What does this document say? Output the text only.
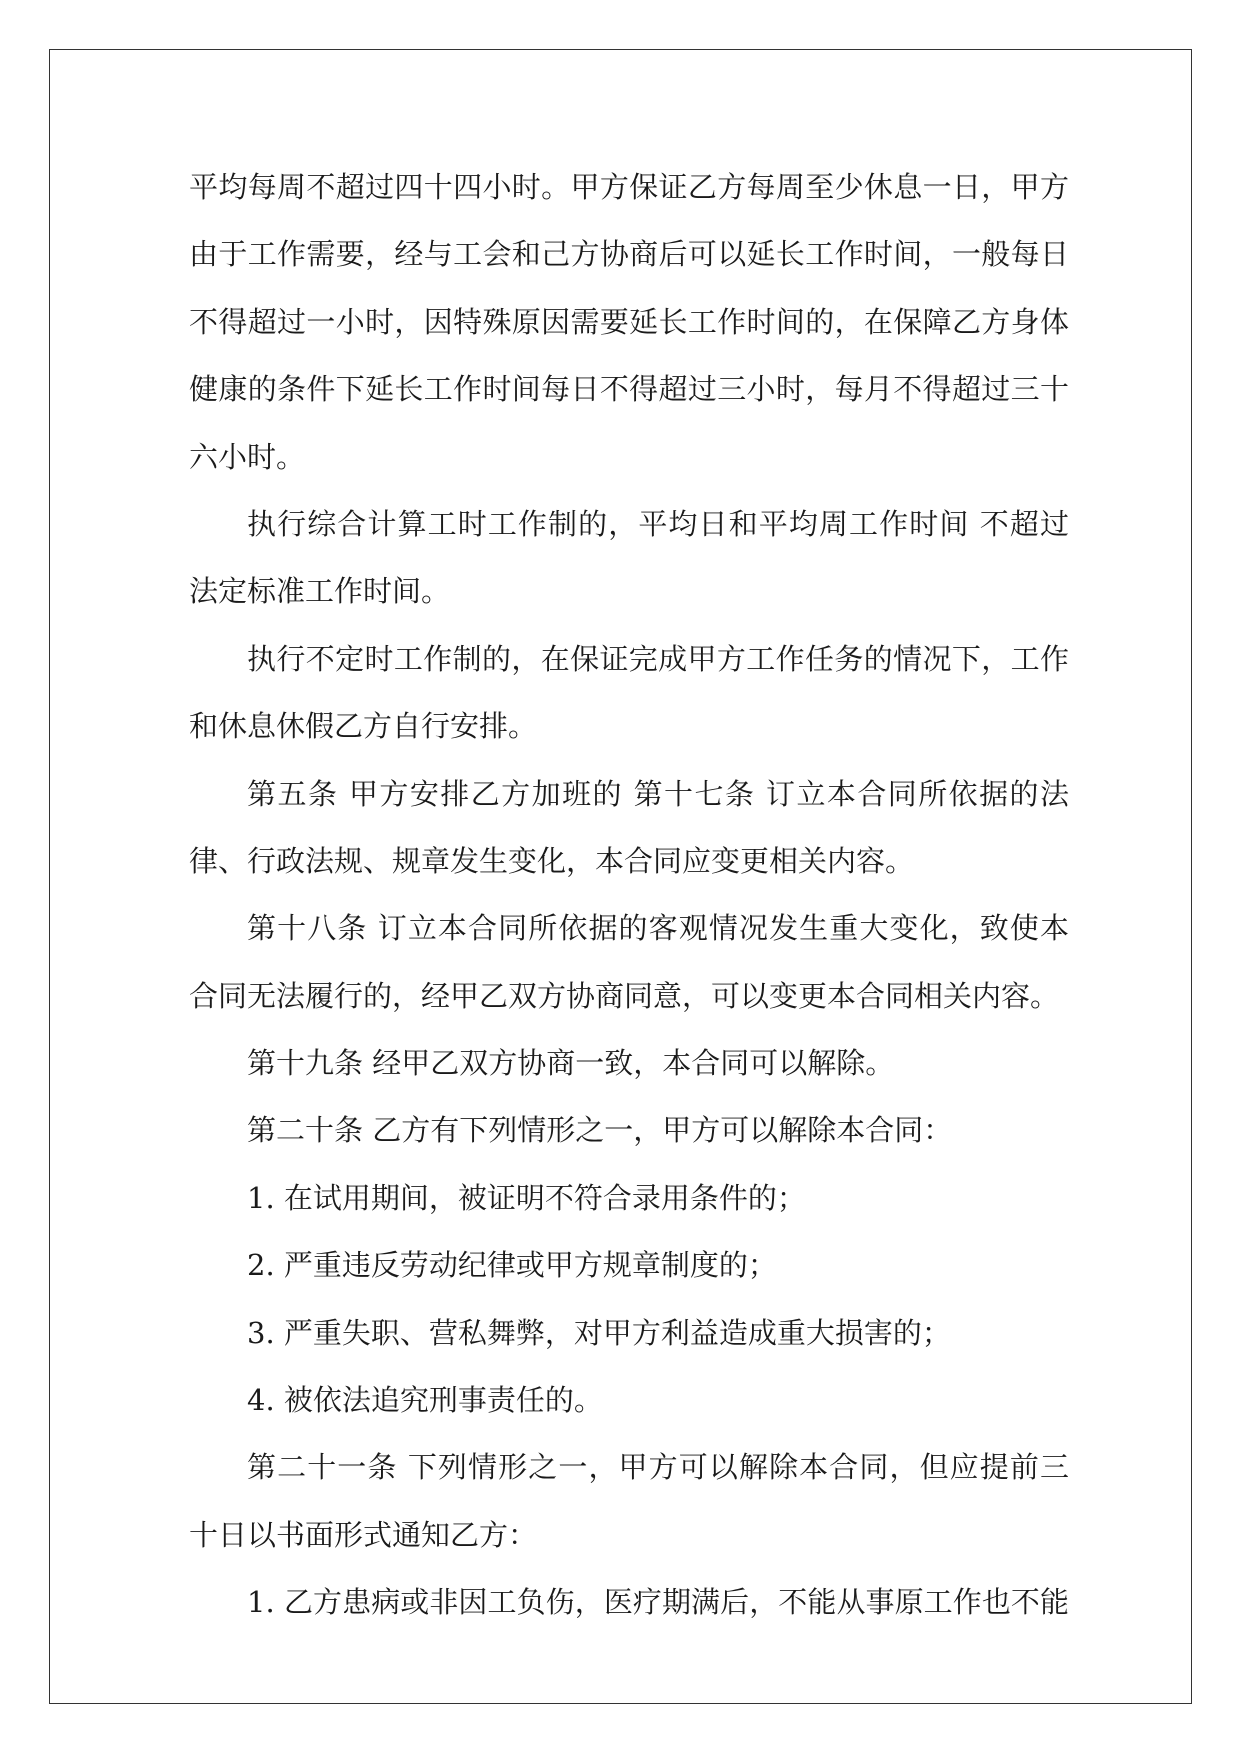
平均每周不超过四十四小时。甲方保证乙方每周至少休息一日，甲方
由于工作需要，经与工会和己方协商后可以延长工作时间，一般每日
不得超过一小时，因特殊原因需要延长工作时间的，在保障乙方身体
健康的条件下延长工作时间每日不得超过三小时，每月不得超过三十
六小时。
执行综合计算工时工作制的，平均日和平均周工作时间 不超过
法定标准工作时间。
执行不定时工作制的，在保证完成甲方工作任务的情况下，工作
和休息休假乙方自行安排。
第五条 甲方安排乙方加班的 第十七条 订立本合同所依据的法
律、行政法规、规章发生变化，本合同应变更相关内容。
第十八条 订立本合同所依据的客观情况发生重大变化，致使本
合同无法履行的，经甲乙双方协商同意，可以变更本合同相关内容。
第十九条 经甲乙双方协商一致，本合同可以解除。
第二十条 乙方有下列情形之一，甲方可以解除本合同：
1. 在试用期间，被证明不符合录用条件的；
2. 严重违反劳动纪律或甲方规章制度的；
3. 严重失职、营私舞弊，对甲方利益造成重大损害的；
4. 被依法追究刑事责任的。
第二十一条 下列情形之一，甲方可以解除本合同，但应提前三
十日以书面形式通知乙方：
1. 乙方患病或非因工负伤，医疗期满后，不能从事原工作也不能
